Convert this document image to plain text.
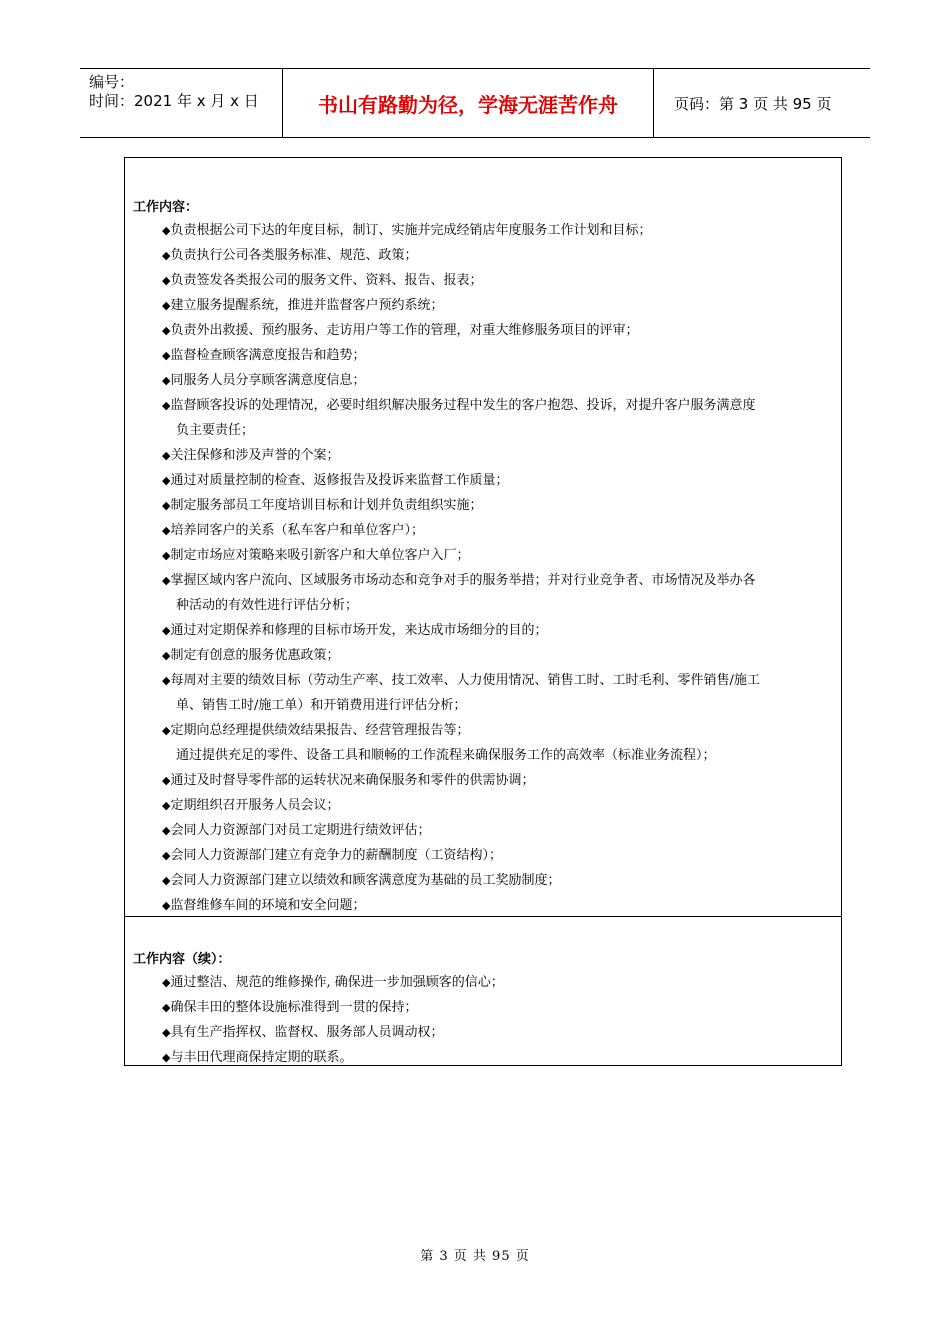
编号：
时间：2021 年 x 月 x 日	书山有路勤为径，学海无涯苦作舟	页码：第 3 页 共 95 页
工作内容：
◆负责根据公司下达的年度目标，制订、实施并完成经销店年度服务工作计划和目标；
◆负责执行公司各类服务标准、规范、政策；
◆负责签发各类报公司的服务文件、资料、报告、报表；
◆建立服务提醒系统，推进并监督客户预约系统；
◆负责外出救援、预约服务、走访用户等工作的管理，对重大维修服务项目的评审；
◆监督检查顾客满意度报告和趋势；
◆同服务人员分享顾客满意度信息；
◆监督顾客投诉的处理情况，必要时组织解决服务过程中发生的客户抱怨、投诉，对提升客户服务满意度
负主要责任；
◆关注保修和涉及声誉的个案；
◆通过对质量控制的检查、返修报告及投诉来监督工作质量；
◆制定服务部员工年度培训目标和计划并负责组织实施；
◆培养同客户的关系（私车客户和单位客户）；
◆制定市场应对策略来吸引新客户和大单位客户入厂；
◆掌握区域内客户流向、区域服务市场动态和竞争对手的服务举措；并对行业竞争者、市场情况及举办各
种活动的有效性进行评估分析；
◆通过对定期保养和修理的目标市场开发，来达成市场细分的目的；
◆制定有创意的服务优惠政策；
◆每周对主要的绩效目标（劳动生产率、技工效率、人力使用情况、销售工时、工时毛利、零件销售/施工
单、销售工时/施工单）和开销费用进行评估分析；
◆定期向总经理提供绩效结果报告、经营管理报告等；
通过提供充足的零件、设备工具和顺畅的工作流程来确保服务工作的高效率（标准业务流程）；
◆通过及时督导零件部的运转状况来确保服务和零件的供需协调；
◆定期组织召开服务人员会议；
◆会同人力资源部门对员工定期进行绩效评估；
◆会同人力资源部门建立有竞争力的薪酬制度（工资结构）；
◆会同人力资源部门建立以绩效和顾客满意度为基础的员工奖励制度；
◆监督维修车间的环境和安全问题；
工作内容（续）：
◆通过整洁、规范的维修操作, 确保进一步加强顾客的信心；
◆确保丰田的整体设施标准得到一贯的保持；
◆具有生产指挥权、监督权、服务部人员调动权；
◆与丰田代理商保持定期的联系。
第 3 页 共 95 页
